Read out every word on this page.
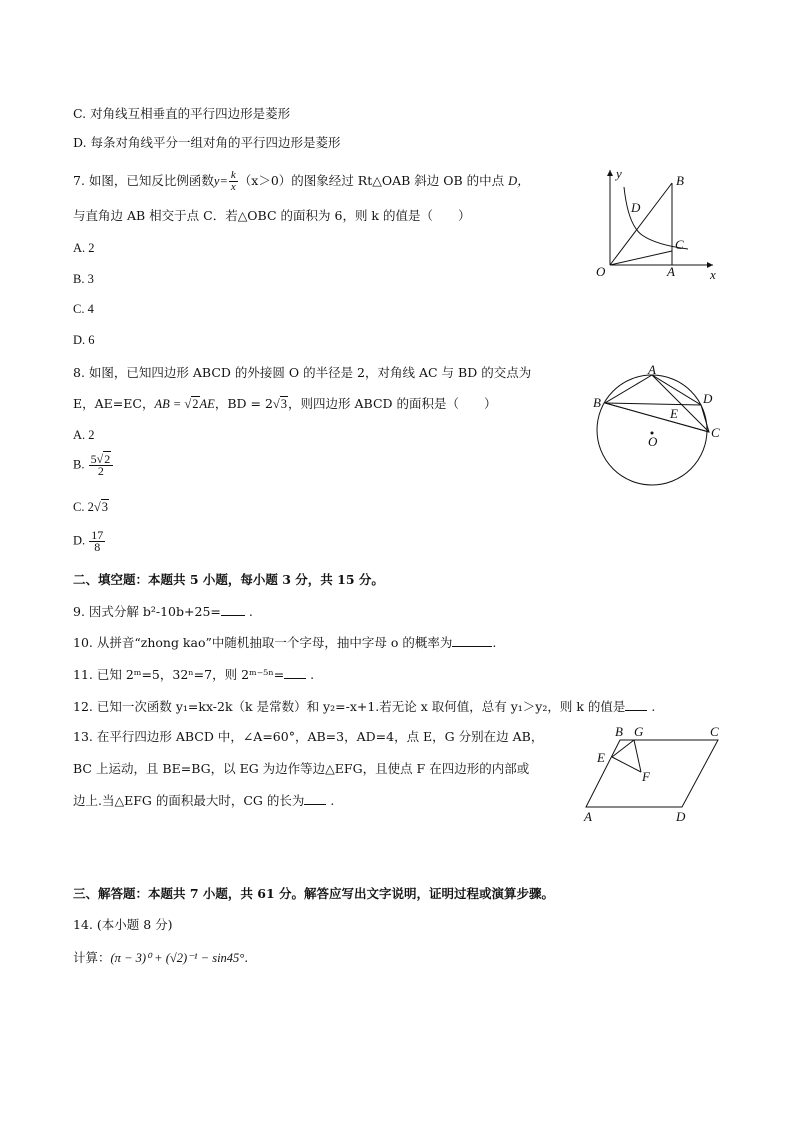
C. 对角线互相垂直的平行四边形是菱形
D. 每条对角线平分一组对角的平行四边形是菱形
7. 如图，已知反比例函数$y= \frac{k}{x} (x>0)$的图象经过 Rt△OAB 斜边 OB 的中点 D，
与直角边 AB 相交于点 C．若△OBC 的面积为 6，则 k 的值是（　　）
A. 2
B. 3
C. 4
D. 6
y
x
O	A
B
C
D
8. 如图，已知四边形 ABCD 的外接圆 O 的半径是 2，对角线 AC 与 BD 的交点为
E，AE=EC，AB = √2AE，BD = 2√3，则四边形 ABCD 的面积是（　　）
A. 2
B. $\frac{5√2}{2}$
C. 2√3
D. $\frac{17}{8}$
A
B
C
D
E
O
二、填空题：本题共 5 小题，每小题 3 分，共 15 分。
9. 因式分解 b²-10b+25= .
10. 从拼音“zhong kao”中随机抽取一个字母，抽中字母 o 的概率为	.
11. 已知 2ᵐ=5，32ⁿ=7，则 2ᵐ⁻⁵ⁿ= .
12. 已知一次函数 y₁=kx-2k（k 是常数）和 y₂=-x+1.若无论 x 取何值，总有 y₁＞y₂，则 k 的值是 .
13. 在平行四边形 ABCD 中，∠A=60°，AB=3，AD=4，点 E，G 分别在边 AB，
BC 上运动，且 BE=BG，以 EG 为边作等边△EFG，且使点 F 在四边形的内部或
边上.当△EFG 的面积最大时，CG 的长为 .
A
B	C
D
E
F
G
三、解答题：本题共 7 小题，共 61 分。解答应写出文字说明，证明过程或演算步骤。
14. (本小题 8 分)
计算：(π − 3)⁰ + (√2)⁻¹ − sin45°.
